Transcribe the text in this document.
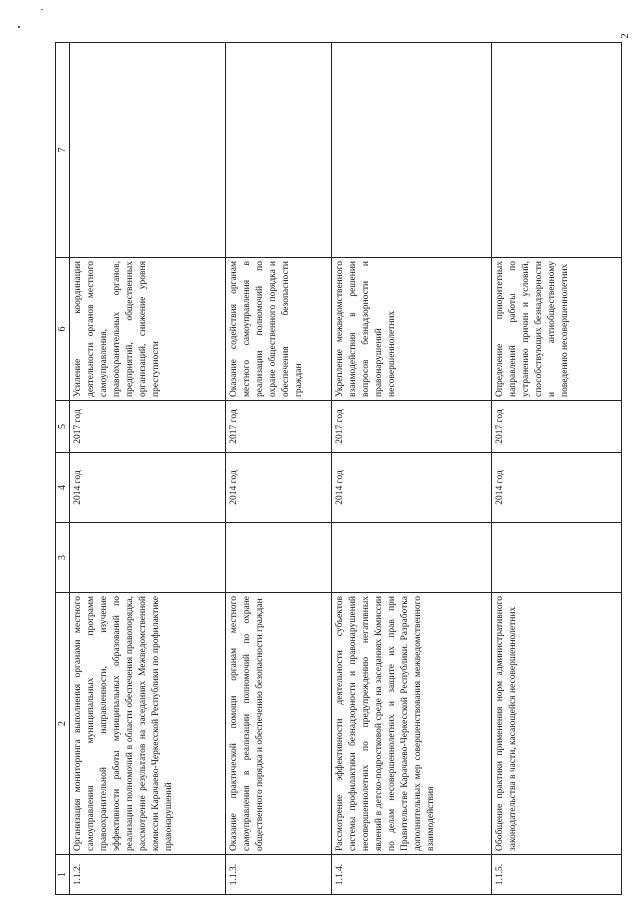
2
1	2	3	4	5	6	7
1.1.2.	Организация мониторинга выполнения органами местного самоуправления муниципальных программ правоохранительной направленности, изучение эффективности работы муниципальных образований по реализации полномочий в области обеспечения правопорядка, рассмотрение результатов на заседаниях Межведомственной комиссии Карачаево-Черкесской Республики по профилактике правонарушений		2014 год	2017 год	Усиление координации деятельности органов местного самоуправления, правоохранительных органов, предприятий, общественных организаций, снижение уровня преступности	
1.1.3.	Оказание практической помощи органам местного самоуправления в реализации полномочий по охране общественного порядка и обеспечению безопасности граждан		2014 год	2017 год	Оказание содействия органам местного самоуправления в реализации полномочий по охране общественного порядка и обеспечения безопасности граждан	
1.1.4.	Рассмотрение эффективности деятельности субъектов системы профилактики безнадзорности и правонарушений несовершеннолетних по предупреждению негативных явлений в детско-подростковой среде на заседаниях Комиссии по делам несовершеннолетних и защите их прав при Правительстве Карачаево-Черкесской Республики. Разработка дополнительных мер совершенствования межведомственного взаимодействия		2014 год	2017 год	Укрепление межведомственного взаимодействия в решении вопросов безнадзорности и правонарушений несовершеннолетних	
1.1.5.	Обобщение практики применения норм административного законодательства в части, касающейся несовершеннолетних		2014 год	2017 год	Определение приоритетных направлений работы по устранению причин и условий, способствующих безнадзорности и антиобщественному поведению несовершеннолетних	
